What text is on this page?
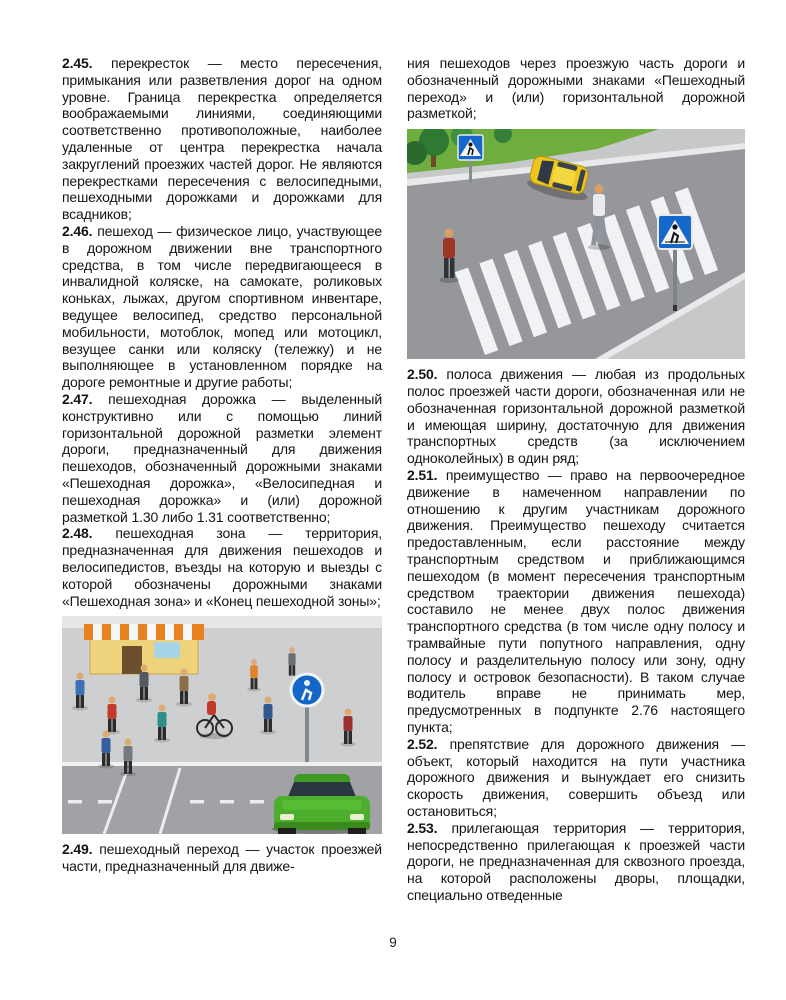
2.45. перекресток — место пересечения, примыкания или разветвления дорог на одном уровне. Граница перекрестка определяется воображаемыми линиями, соединяющими соответственно противоположные, наиболее удаленные от центра перекрестка начала закруглений проезжих частей дорог. Не являются перекрестками пересечения с велосипедными, пешеходными дорожками и дорожками для всадников;

2.46. пешеход — физическое лицо, участвующее в дорожном движении вне транспортного средства, в том числе передвигающееся в инвалидной коляске, на самокате, роликовых коньках, лыжах, другом спортивном инвентаре, ведущее велосипед, средство персональной мобильности, мотоблок, мопед или мотоцикл, везущее санки или коляску (тележку) и не выполняющее в установленном порядке на дороге ремонтные и другие работы;

2.47. пешеходная дорожка — выделенный конструктивно или с помощью линий горизонтальной дорожной разметки элемент дороги, предназначенный для движения пешеходов, обозначенный дорожными знаками «Пешеходная дорожка», «Велосипедная и пешеходная дорожка» и (или) дорожной разметкой 1.30 либо 1.31 соответственно;

2.48. пешеходная зона — территория, предназначенная для движения пешеходов и велосипедистов, въезды на которую и выезды с которой обозначены дорожными знаками «Пешеходная зона» и «Конец пешеходной зоны»;

2.49. пешеходный переход — участок проезжей части, предназначенный для движе-

ния пешеходов через проезжую часть дороги и обозначенный дорожными знаками «Пешеходный переход» и (или) горизонтальной дорожной разметкой;

2.50. полоса движения — любая из продольных полос проезжей части дороги, обозначенная или не обозначенная горизонтальной дорожной разметкой и имеющая ширину, достаточную для движения транспортных средств (за исключением одноколейных) в один ряд;

2.51. преимущество — право на первоочередное движение в намеченном направлении по отношению к другим участникам дорожного движения. Преимущество пешеходу считается предоставленным, если расстояние между транспортным средством и приближающимся пешеходом (в момент пересечения транспортным средством траектории движения пешехода) составило не менее двух полос движения транспортного средства (в том числе одну полосу и трамвайные пути попутного направления, одну полосу и разделительную полосу или зону, одну полосу и островок безопасности). В таком случае водитель вправе не принимать мер, предусмотренных в подпункте 2.76 настоящего пункта;

2.52. препятствие для дорожного движения — объект, который находится на пути участника дорожного движения и вынуждает его снизить скорость движения, совершить объезд или остановиться;

2.53. прилегающая территория — территория, непосредственно прилегающая к проезжей части дороги, не предназначенная для сквозного проезда, на которой расположены дворы, площадки, специально отведенные

9
